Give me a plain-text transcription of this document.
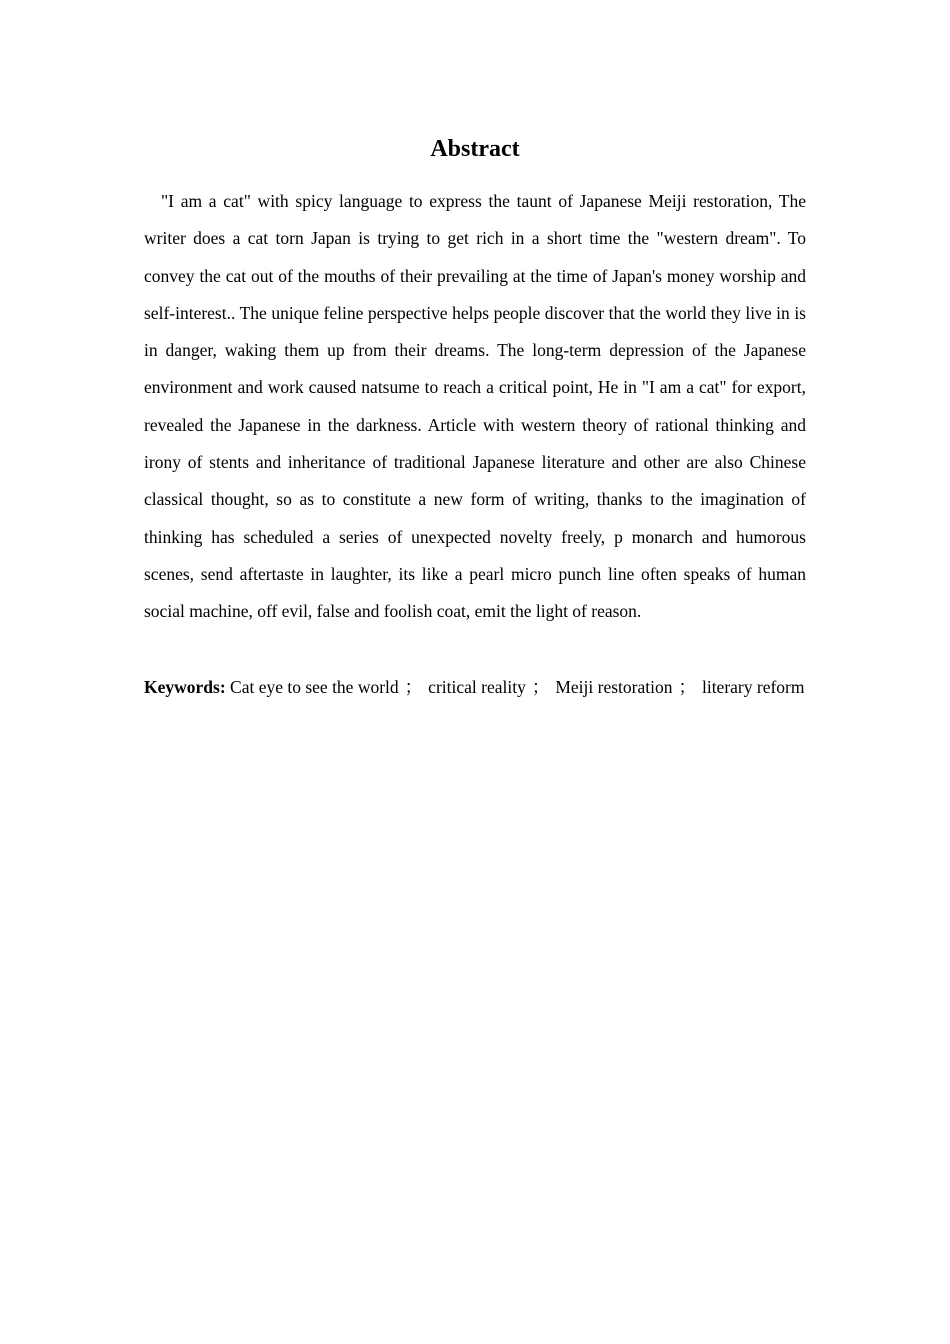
Abstract

"I am a cat" with spicy language to express the taunt of Japanese Meiji restoration, The writer does a cat torn Japan is trying to get rich in a short time the "western dream". To convey the cat out of the mouths of their prevailing at the time of Japan's money worship and self-interest.. The unique feline perspective helps people discover that the world they live in is in danger, waking them up from their dreams. The long-term depression of the Japanese environment and work caused natsume to reach a critical point, He in "I am a cat" for export, revealed the Japanese in the darkness. Article with western theory of rational thinking and irony of stents and inheritance of traditional Japanese literature and other are also Chinese classical thought, so as to constitute a new form of writing, thanks to the imagination of thinking has scheduled a series of unexpected novelty freely, p monarch and humorous scenes, send aftertaste in laughter, its like a pearl micro punch line often speaks of human social machine, off evil, false and foolish coat, emit the light of reason.

Keywords: Cat eye to see the world ； critical reality ； Meiji restoration ； literary reform
